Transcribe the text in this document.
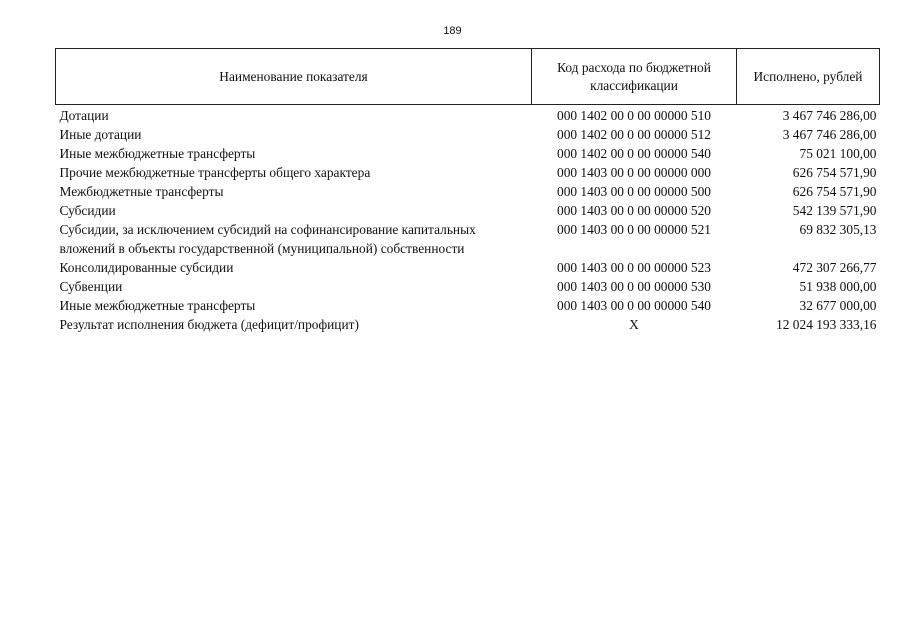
189
Наименование показателя	Код расхода по бюджетной классификации	Исполнено, рублей
Дотации	000 1402 00 0 00 00000 510	3 467 746 286,00
Иные дотации	000 1402 00 0 00 00000 512	3 467 746 286,00
Иные межбюджетные трансферты	000 1402 00 0 00 00000 540	75 021 100,00
Прочие межбюджетные трансферты общего характера	000 1403 00 0 00 00000 000	626 754 571,90
Межбюджетные трансферты	000 1403 00 0 00 00000 500	626 754 571,90
Субсидии	000 1403 00 0 00 00000 520	542 139 571,90
Субсидии, за исключением субсидий на софинансирование капитальных вложений в объекты государственной (муниципальной) собственности	000 1403 00 0 00 00000 521	69 832 305,13
Консолидированные субсидии	000 1403 00 0 00 00000 523	472 307 266,77
Субвенции	000 1403 00 0 00 00000 530	51 938 000,00
Иные межбюджетные трансферты	000 1403 00 0 00 00000 540	32 677 000,00
Результат исполнения бюджета (дефицит/профицит)	X	12 024 193 333,16
